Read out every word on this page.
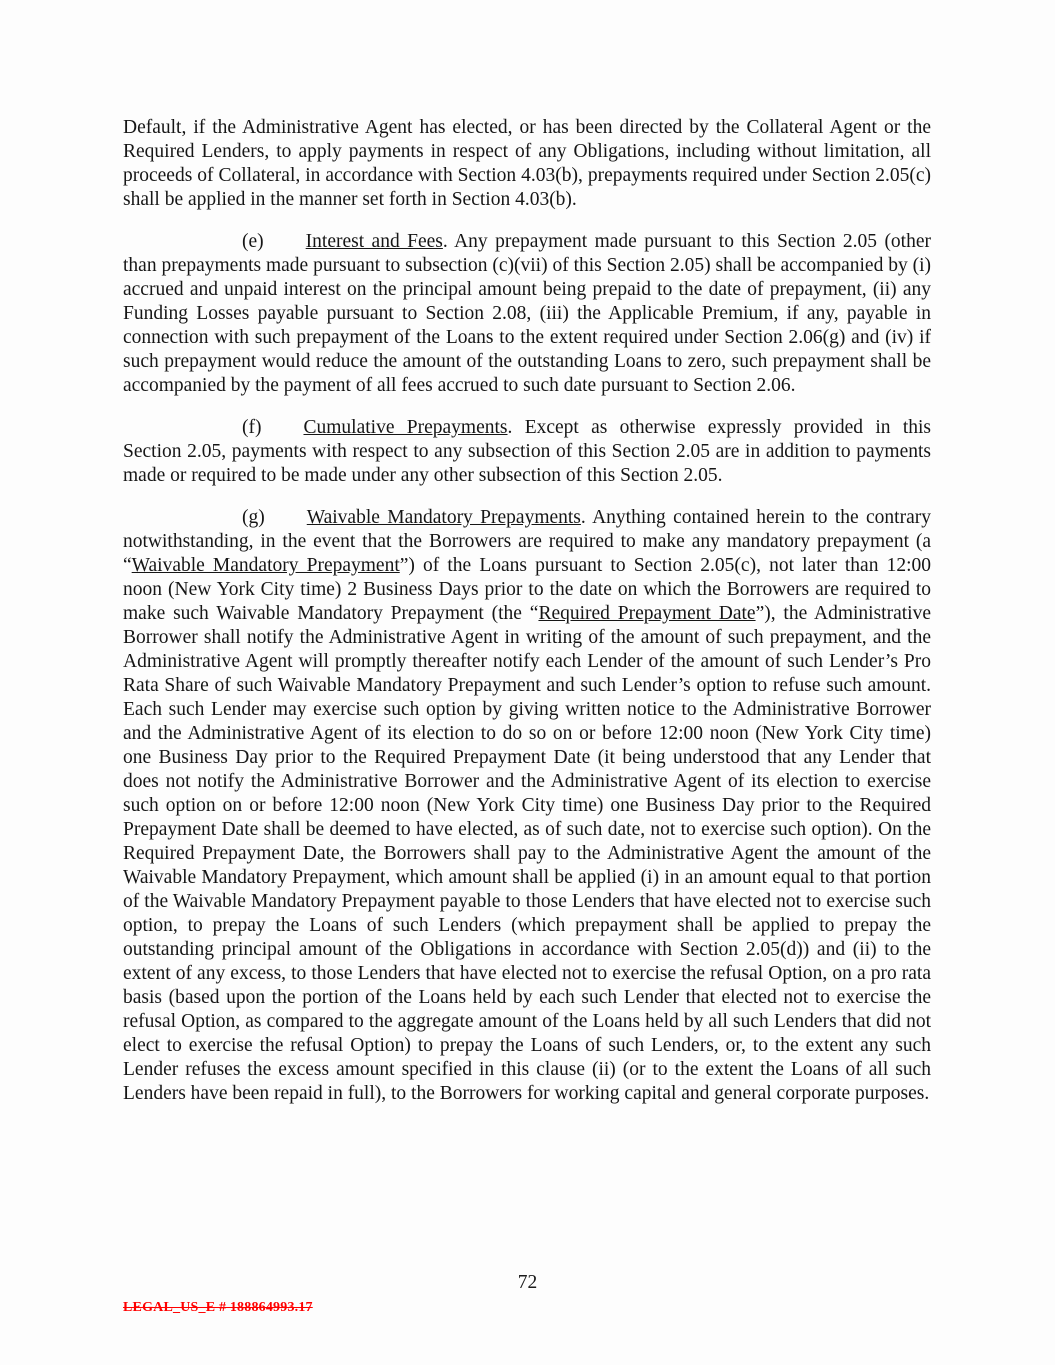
Default, if the Administrative Agent has elected, or has been directed by the Collateral Agent or the Required Lenders, to apply payments in respect of any Obligations, including without limitation, all proceeds of Collateral, in accordance with Section 4.03(b), prepayments required under Section 2.05(c) shall be applied in the manner set forth in Section 4.03(b).

(e) Interest and Fees. Any prepayment made pursuant to this Section 2.05 (other than prepayments made pursuant to subsection (c)(vii) of this Section 2.05) shall be accompanied by (i) accrued and unpaid interest on the principal amount being prepaid to the date of prepayment, (ii) any Funding Losses payable pursuant to Section 2.08, (iii) the Applicable Premium, if any, payable in connection with such prepayment of the Loans to the extent required under Section 2.06(g) and (iv) if such prepayment would reduce the amount of the outstanding Loans to zero, such prepayment shall be accompanied by the payment of all fees accrued to such date pursuant to Section 2.06.

(f) Cumulative Prepayments. Except as otherwise expressly provided in this Section 2.05, payments with respect to any subsection of this Section 2.05 are in addition to payments made or required to be made under any other subsection of this Section 2.05.

(g) Waivable Mandatory Prepayments. Anything contained herein to the contrary notwithstanding, in the event that the Borrowers are required to make any mandatory prepayment (a “Waivable Mandatory Prepayment”) of the Loans pursuant to Section 2.05(c), not later than 12:00 noon (New York City time) 2 Business Days prior to the date on which the Borrowers are required to make such Waivable Mandatory Prepayment (the “Required Prepayment Date”), the Administrative Borrower shall notify the Administrative Agent in writing of the amount of such prepayment, and the Administrative Agent will promptly thereafter notify each Lender of the amount of such Lender’s Pro Rata Share of such Waivable Mandatory Prepayment and such Lender’s option to refuse such amount. Each such Lender may exercise such option by giving written notice to the Administrative Borrower and the Administrative Agent of its election to do so on or before 12:00 noon (New York City time) one Business Day prior to the Required Prepayment Date (it being understood that any Lender that does not notify the Administrative Borrower and the Administrative Agent of its election to exercise such option on or before 12:00 noon (New York City time) one Business Day prior to the Required Prepayment Date shall be deemed to have elected, as of such date, not to exercise such option). On the Required Prepayment Date, the Borrowers shall pay to the Administrative Agent the amount of the Waivable Mandatory Prepayment, which amount shall be applied (i) in an amount equal to that portion of the Waivable Mandatory Prepayment payable to those Lenders that have elected not to exercise such option, to prepay the Loans of such Lenders (which prepayment shall be applied to prepay the outstanding principal amount of the Obligations in accordance with Section 2.05(d)) and (ii) to the extent of any excess, to those Lenders that have elected not to exercise the refusal Option, on a pro rata basis (based upon the portion of the Loans held by each such Lender that elected not to exercise the refusal Option, as compared to the aggregate amount of the Loans held by all such Lenders that did not elect to exercise the refusal Option) to prepay the Loans of such Lenders, or, to the extent any such Lender refuses the excess amount specified in this clause (ii) (or to the extent the Loans of all such Lenders have been repaid in full), to the Borrowers for working capital and general corporate purposes.

72
LEGAL_US_E # 188864993.17
